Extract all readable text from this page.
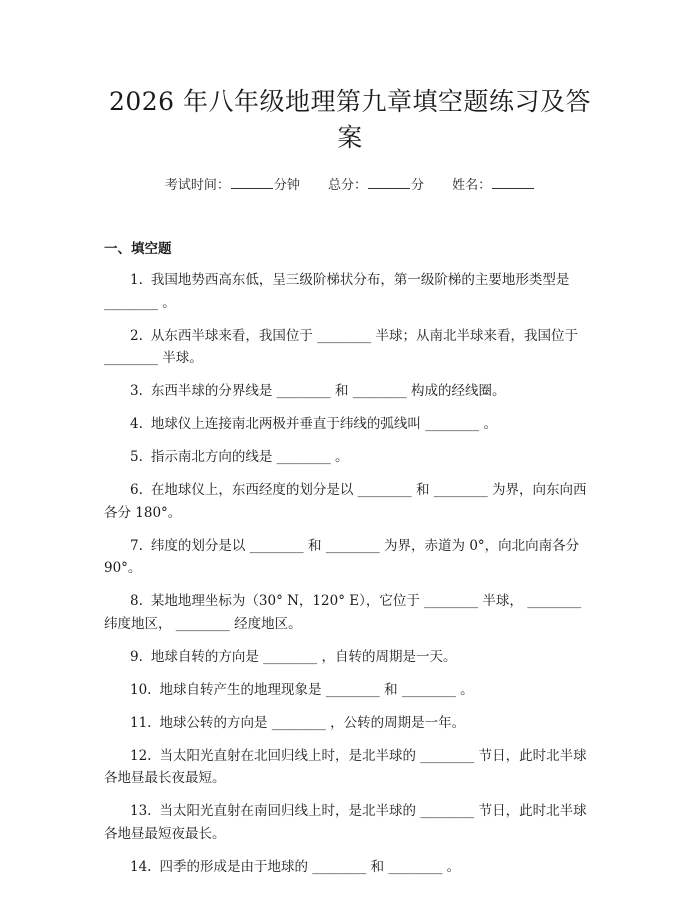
2026 年八年级地理第九章填空题练习及答案
考试时间：	分钟 总分：	分 姓名：
一、填空题

1. 我国地势西高东低，呈三级阶梯状分布，第一级阶梯的主要地形类型是 ________ 。

2. 从东西半球来看，我国位于 ________ 半球；从南北半球来看，我国位于 ________ 半球。

3. 东西半球的分界线是 ________ 和 ________ 构成的经线圈。

4. 地球仪上连接南北两极并垂直于纬线的弧线叫 ________ 。

5. 指示南北方向的线是 ________ 。

6. 在地球仪上，东西经度的划分是以 ________ 和 ________ 为界，向东向西各分 180°。

7. 纬度的划分是以 ________ 和 ________ 为界，赤道为 0°，向北向南各分 90°。

8. 某地地理坐标为（30° N，120° E），它位于 ________ 半球， ________ 纬度地区， ________ 经度地区。

9. 地球自转的方向是 ________ ，自转的周期是一天。

10. 地球自转产生的地理现象是 ________ 和 ________ 。

11. 地球公转的方向是 ________ ，公转的周期是一年。

12. 当太阳光直射在北回归线上时，是北半球的 ________ 节日，此时北半球各地昼最长夜最短。

13. 当太阳光直射在南回归线上时，是北半球的 ________ 节日，此时北半球各地昼最短夜最长。

14. 四季的形成是由于地球的 ________ 和 ________ 。
